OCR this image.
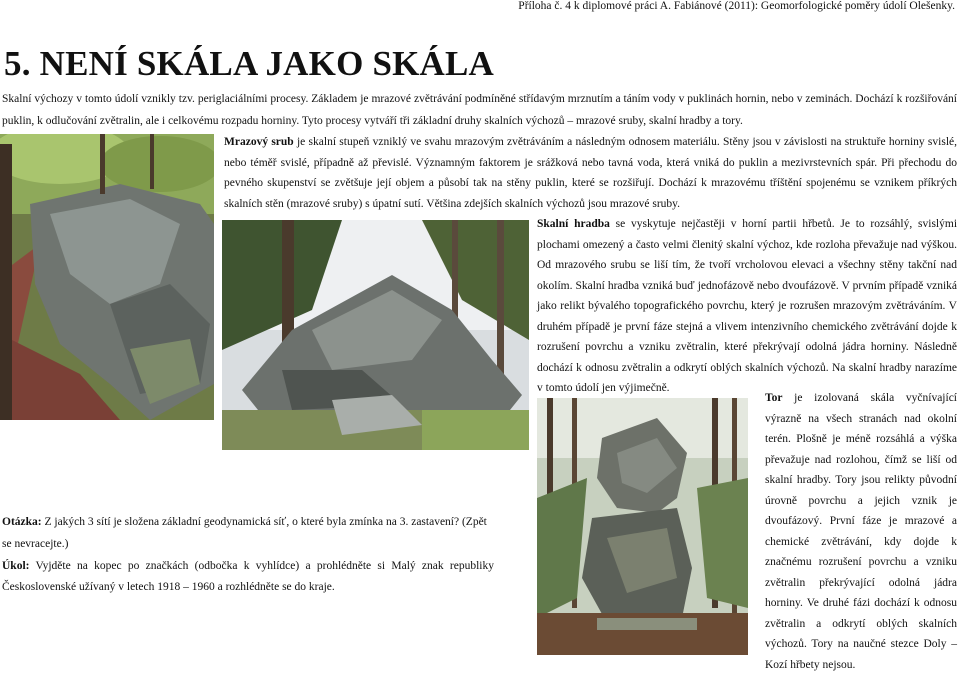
Příloha č. 4 k diplomové práci A. Fabiánové (2011): Geomorfologické poměry údolí Olešenky.
5. NENÍ SKÁLA JAKO SKÁLA
Skalní výchozy v tomto údolí vznikly tzv. periglaciálními procesy. Základem je mrazové zvětrávání podmíněné střídavým mrznutím a táním vody v puklinách hornin, nebo v zeminách. Dochází k rozšiřování puklin, k odlučování zvětralin, ale i celkovému rozpadu horniny. Tyto procesy vytváří tři základní druhy skalních výchozů – mrazové sruby, skalní hradby a tory.
Mrazový srub je skalní stupeň vzniklý ve svahu mrazovým zvětráváním a následným odnosem materiálu. Stěny jsou v závislosti na struktuře horniny svislé, nebo téměř svislé, případně až převislé. Významným faktorem je srážková nebo tavná voda, která vniká do puklin a mezivrstevních spár. Při přechodu do pevného skupenství se zvětšuje její objem a působí tak na stěny puklin, které se rozšiřují. Dochází k mrazovému tříštění spojenému se vznikem příkrých skalních stěn (mrazové sruby) s úpatní sutí. Většina zdejších skalních výchozů jsou mrazové sruby.
Skalní hradba se vyskytuje nejčastěji v horní partii hřbetů. Je to rozsáhlý, svislými plochami omezený a často velmi členitý skalní výchoz, kde rozloha převažuje nad výškou. Od mrazového srubu se liší tím, že tvoří vrcholovou elevaci a všechny stěny takční nad okolím. Skalní hradba vzniká buď jednofázově nebo dvoufázově. V prvním případě vzniká jako relikt bývalého topografického povrchu, který je rozrušen mrazovým zvětráváním. V druhém případě je první fáze stejná a vlivem intenzivního chemického zvětrávání dojde k rozrušení povrchu a vzniku zvětralin, které překrývají odolná jádra horniny. Následně dochází k odnosu zvětralin a odkrytí oblých skalních výchozů. Na skalní hradby narazíme v tomto údolí jen výjimečně.
Tor je izolovaná skála vyčnívající výrazně na všech stranách nad okolní terén. Plošně je méně rozsáhlá a výška převažuje nad rozlohou, čímž se liší od skalní hradby. Tory jsou relikty původní úrovně povrchu a jejich vznik je dvoufázový. První fáze je mrazové a chemické zvětrávání, kdy dojde k značnému rozrušení povrchu a vzniku zvětralin překrývající odolná jádra horniny. Ve druhé fázi dochází k odnosu zvětralin a odkrytí oblých skalních výchozů. Tory na naučné stezce Doly – Kozí hřbety nejsou.
Otázka: Z jakých 3 sítí je složena základní geodynamická síť, o které byla zmínka na 3. zastavení? (Zpět se nevracejte.)
Úkol: Vyjděte na kopec po značkách (odbočka k vyhlídce) a prohlédněte si Malý znak republiky Československé užívaný v letech 1918 – 1960 a rozhlédněte se do kraje.
